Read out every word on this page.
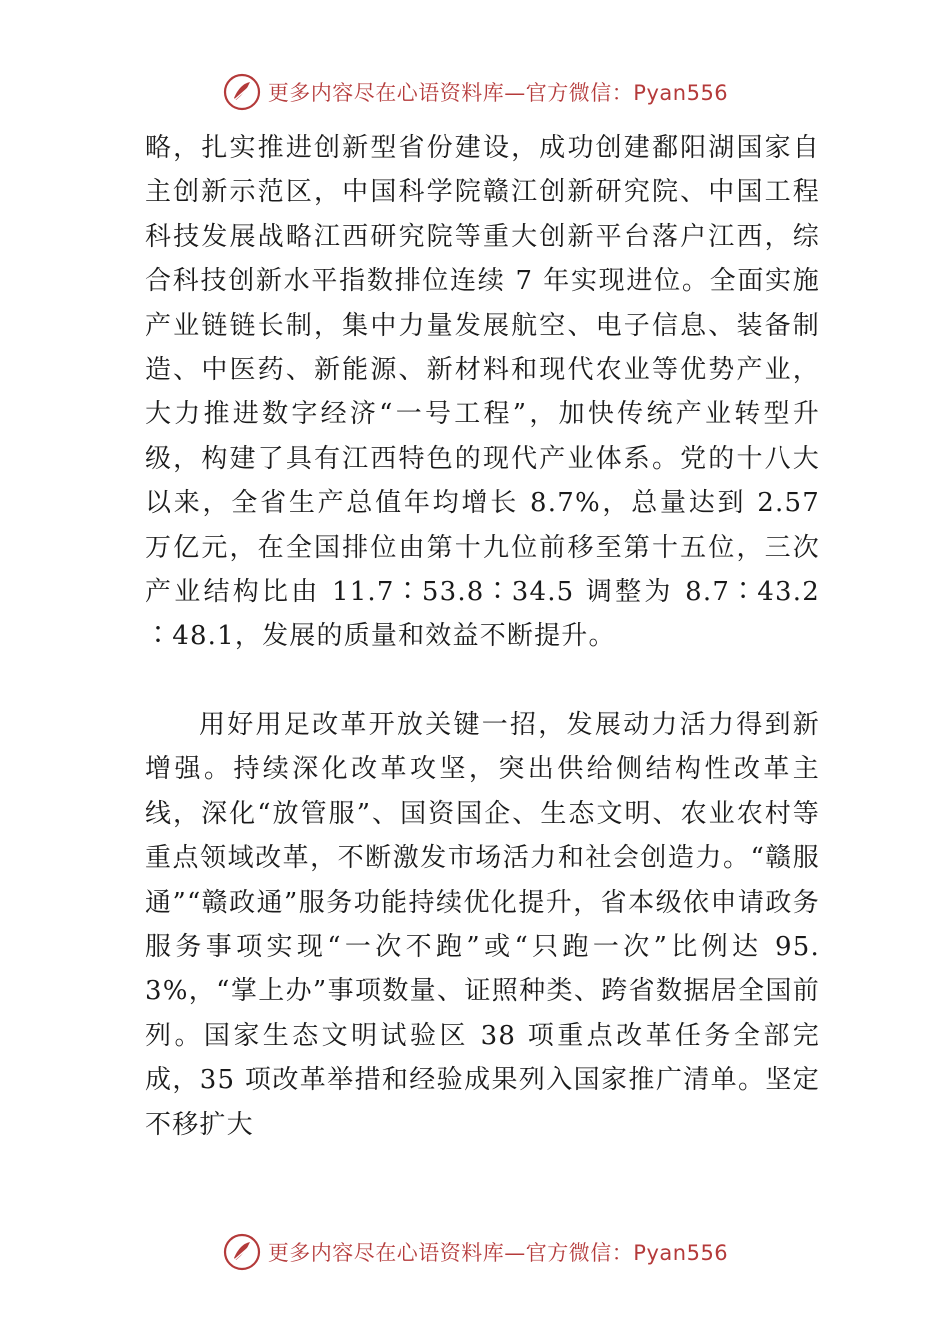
更多内容尽在心语资料库—官方微信：Pyan556

略，扎实推进创新型省份建设，成功创建鄱阳湖国家自主创新示范区，中国科学院赣江创新研究院、中国工程科技发展战略江西研究院等重大创新平台落户江西，综合科技创新水平指数排位连续 7 年实现进位。全面实施产业链链长制，集中力量发展航空、电子信息、装备制造、中医药、新能源、新材料和现代农业等优势产业，大力推进数字经济“一号工程”，加快传统产业转型升级，构建了具有江西特色的现代产业体系。党的十八大以来，全省生产总值年均增长 8.7%，总量达到 2.57 万亿元，在全国排位由第十九位前移至第十五位，三次产业结构比由 11.7∶53.8∶34.5 调整为 8.7∶43.2∶48.1，发展的质量和效益不断提升。

用好用足改革开放关键一招，发展动力活力得到新增强。持续深化改革攻坚，突出供给侧结构性改革主线，深化“放管服”、国资国企、生态文明、农业农村等重点领域改革，不断激发市场活力和社会创造力。“赣服通”“赣政通”服务功能持续优化提升，省本级依申请政务服务事项实现“一次不跑”或“只跑一次”比例达 95.3%，“掌上办”事项数量、证照种类、跨省数据居全国前列。国家生态文明试验区 38 项重点改革任务全部完成，35 项改革举措和经验成果列入国家推广清单。坚定不移扩大

更多内容尽在心语资料库—官方微信：Pyan556
